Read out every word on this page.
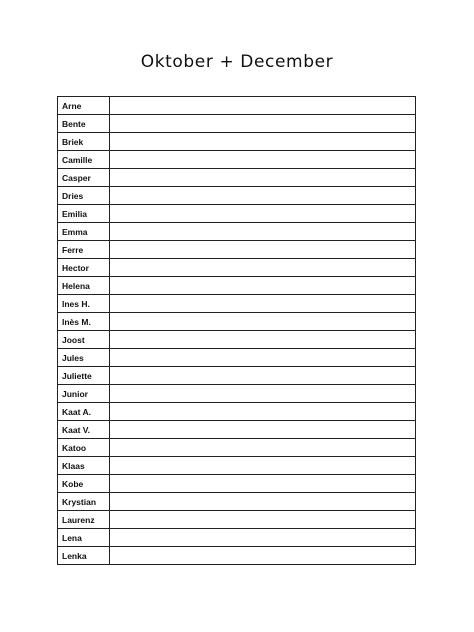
Oktober + December
Arne	
Bente	
Briek	
Camille	
Casper	
Dries	
Emilia	
Emma	
Ferre	
Hector	
Helena	
Ines H.	
Inès M.	
Joost	
Jules	
Juliette	
Junior	
Kaat A.	
Kaat V.	
Katoo	
Klaas	
Kobe	
Krystian	
Laurenz	
Lena	
Lenka	
